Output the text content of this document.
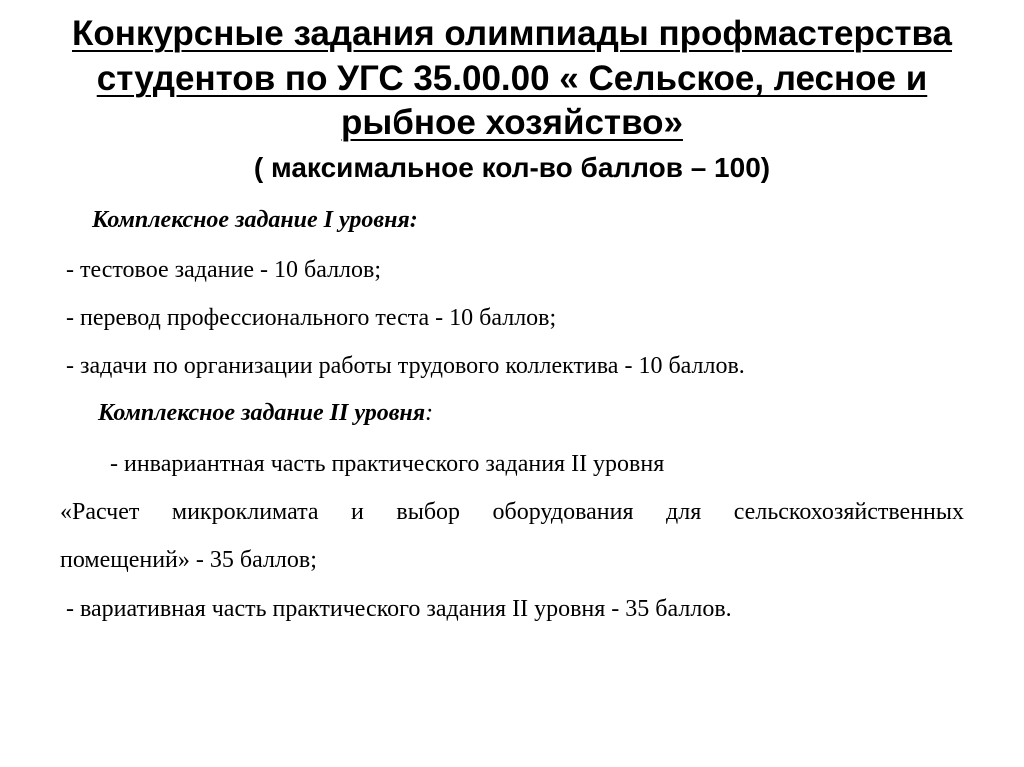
Конкурсные задания олимпиады профмастерства
студентов по УГС 35.00.00 « Сельское, лесное и
рыбное хозяйство»
( максимальное кол-во баллов – 100)
Комплексное задание I уровня:
- тестовое задание - 10 баллов;
- перевод профессионального теста - 10 баллов;
- задачи по организации работы трудового коллектива - 10 баллов.
Комплексное задание II уровня:
- инвариантная часть практического задания II уровня
«Расчет микроклимата и выбор оборудования для сельскохозяйственных
помещений» - 35 баллов;
- вариативная часть практического задания II уровня - 35 баллов.
